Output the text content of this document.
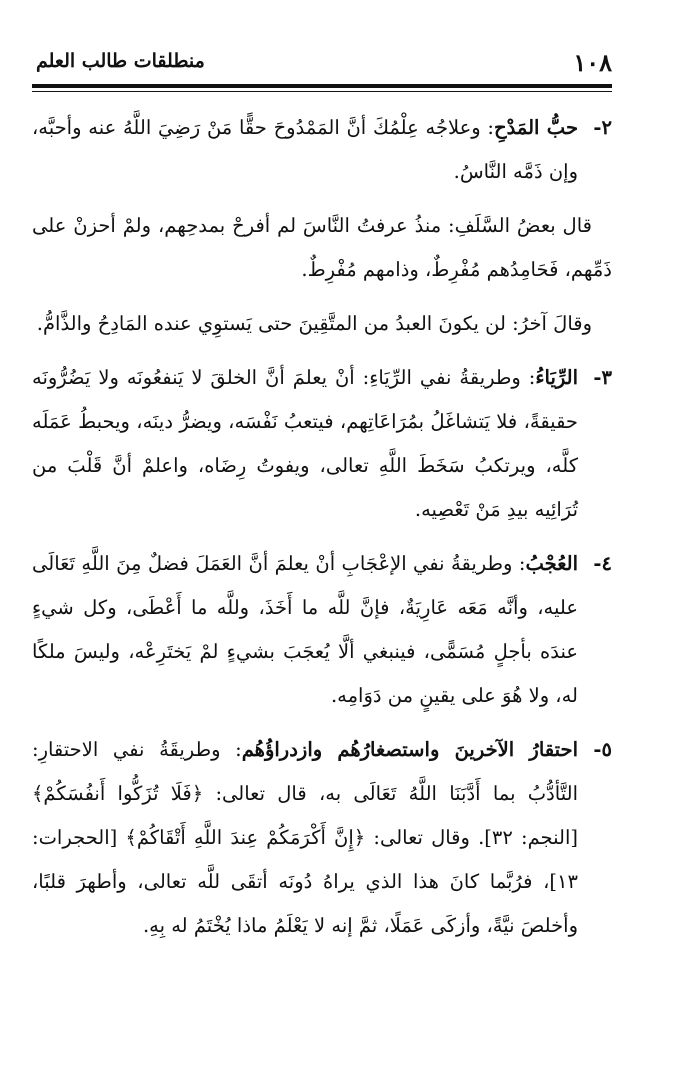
١٠٨
منطلقات طالب العلم
٢-
حبُّ المَدْحِ: وعلاجُه عِلْمُكَ أنَّ المَمْدُوحَ حقًّا مَنْ رَضِيَ اللَّهُ عنه وأحبَّه، وإن ذَمَّه النَّاسُ.
قال بعضُ السَّلَفِ: منذُ عرفتُ النَّاسَ لم أفرحْ بمدحِهم، ولمْ أحزنْ على ذَمِّهم، فَحَامِدُهم مُفْرِطٌ، وذامهم مُفْرِطٌ.
وقالَ آخرُ: لن يكونَ العبدُ من المتَّقِينَ حتى يَستوِي عنده المَادِحُ والذَّامُّ.
٣-
الرِّيَاءُ: وطريقةُ نفي الرِّيَاءِ: أنْ يعلمَ أنَّ الخلقَ لا يَنفعُونَه ولا يَضُرُّونَه حقيقةً، فلا يَتشاغَلُ بمُرَاعَاتِهم، فيتعبُ نَفْسَه، ويضرُّ دينَه، ويحبطُ عَمَلَه كلَّه، ويرتكبُ سَخَطَ اللَّهِ تعالى، ويفوتُ رِضَاه، واعلمْ أنَّ قَلْبَ من تُرَائِيه بيدِ مَنْ تَعْصِيه.
٤-
العُجْبُ: وطريقةُ نفي الإعْجَابِ أنْ يعلمَ أنَّ العَمَلَ فضلٌ مِنَ اللَّهِ تَعَالَى عليه، وأنَّه مَعَه عَارِيَةٌ، فإنَّ للَّه ما أَخَذَ، وللَّه ما أَعْطَى، وكل شيءٍ عندَه بأجلٍ مُسَمًّى، فينبغي ألَّا يُعجَبَ بشيءٍ لمْ يَختَرِعْه، وليسَ ملكًا له، ولا هُوَ على يقينٍ من دَوَامِه.
٥-
احتقارُ الآخرينَ واستصغارُهُم وازدراؤُهُم: وطريقَةُ نفي الاحتقارِ: التَّأدُّبُ بما أَدَّبَنَا اللَّهُ تَعَالَى به، قال تعالى: ﴿فَلَا تُزَكُّوا أَنفُسَكُمْ﴾ [النجم: ٣٢]. وقال تعالى: ﴿إِنَّ أَكْرَمَكُمْ عِندَ اللَّهِ أَتْقَاكُمْ﴾ [الحجرات: ١٣]، فرُبَّما كانَ هذا الذي يراهُ دُونَه أتقَى للَّه تعالى، وأطهرَ قلبًا، وأخلصَ نيَّةً، وأزكَى عَمَلًا، ثمَّ إنه لا يَعْلَمُ ماذا يُخْتَمُ له بِهِ.
